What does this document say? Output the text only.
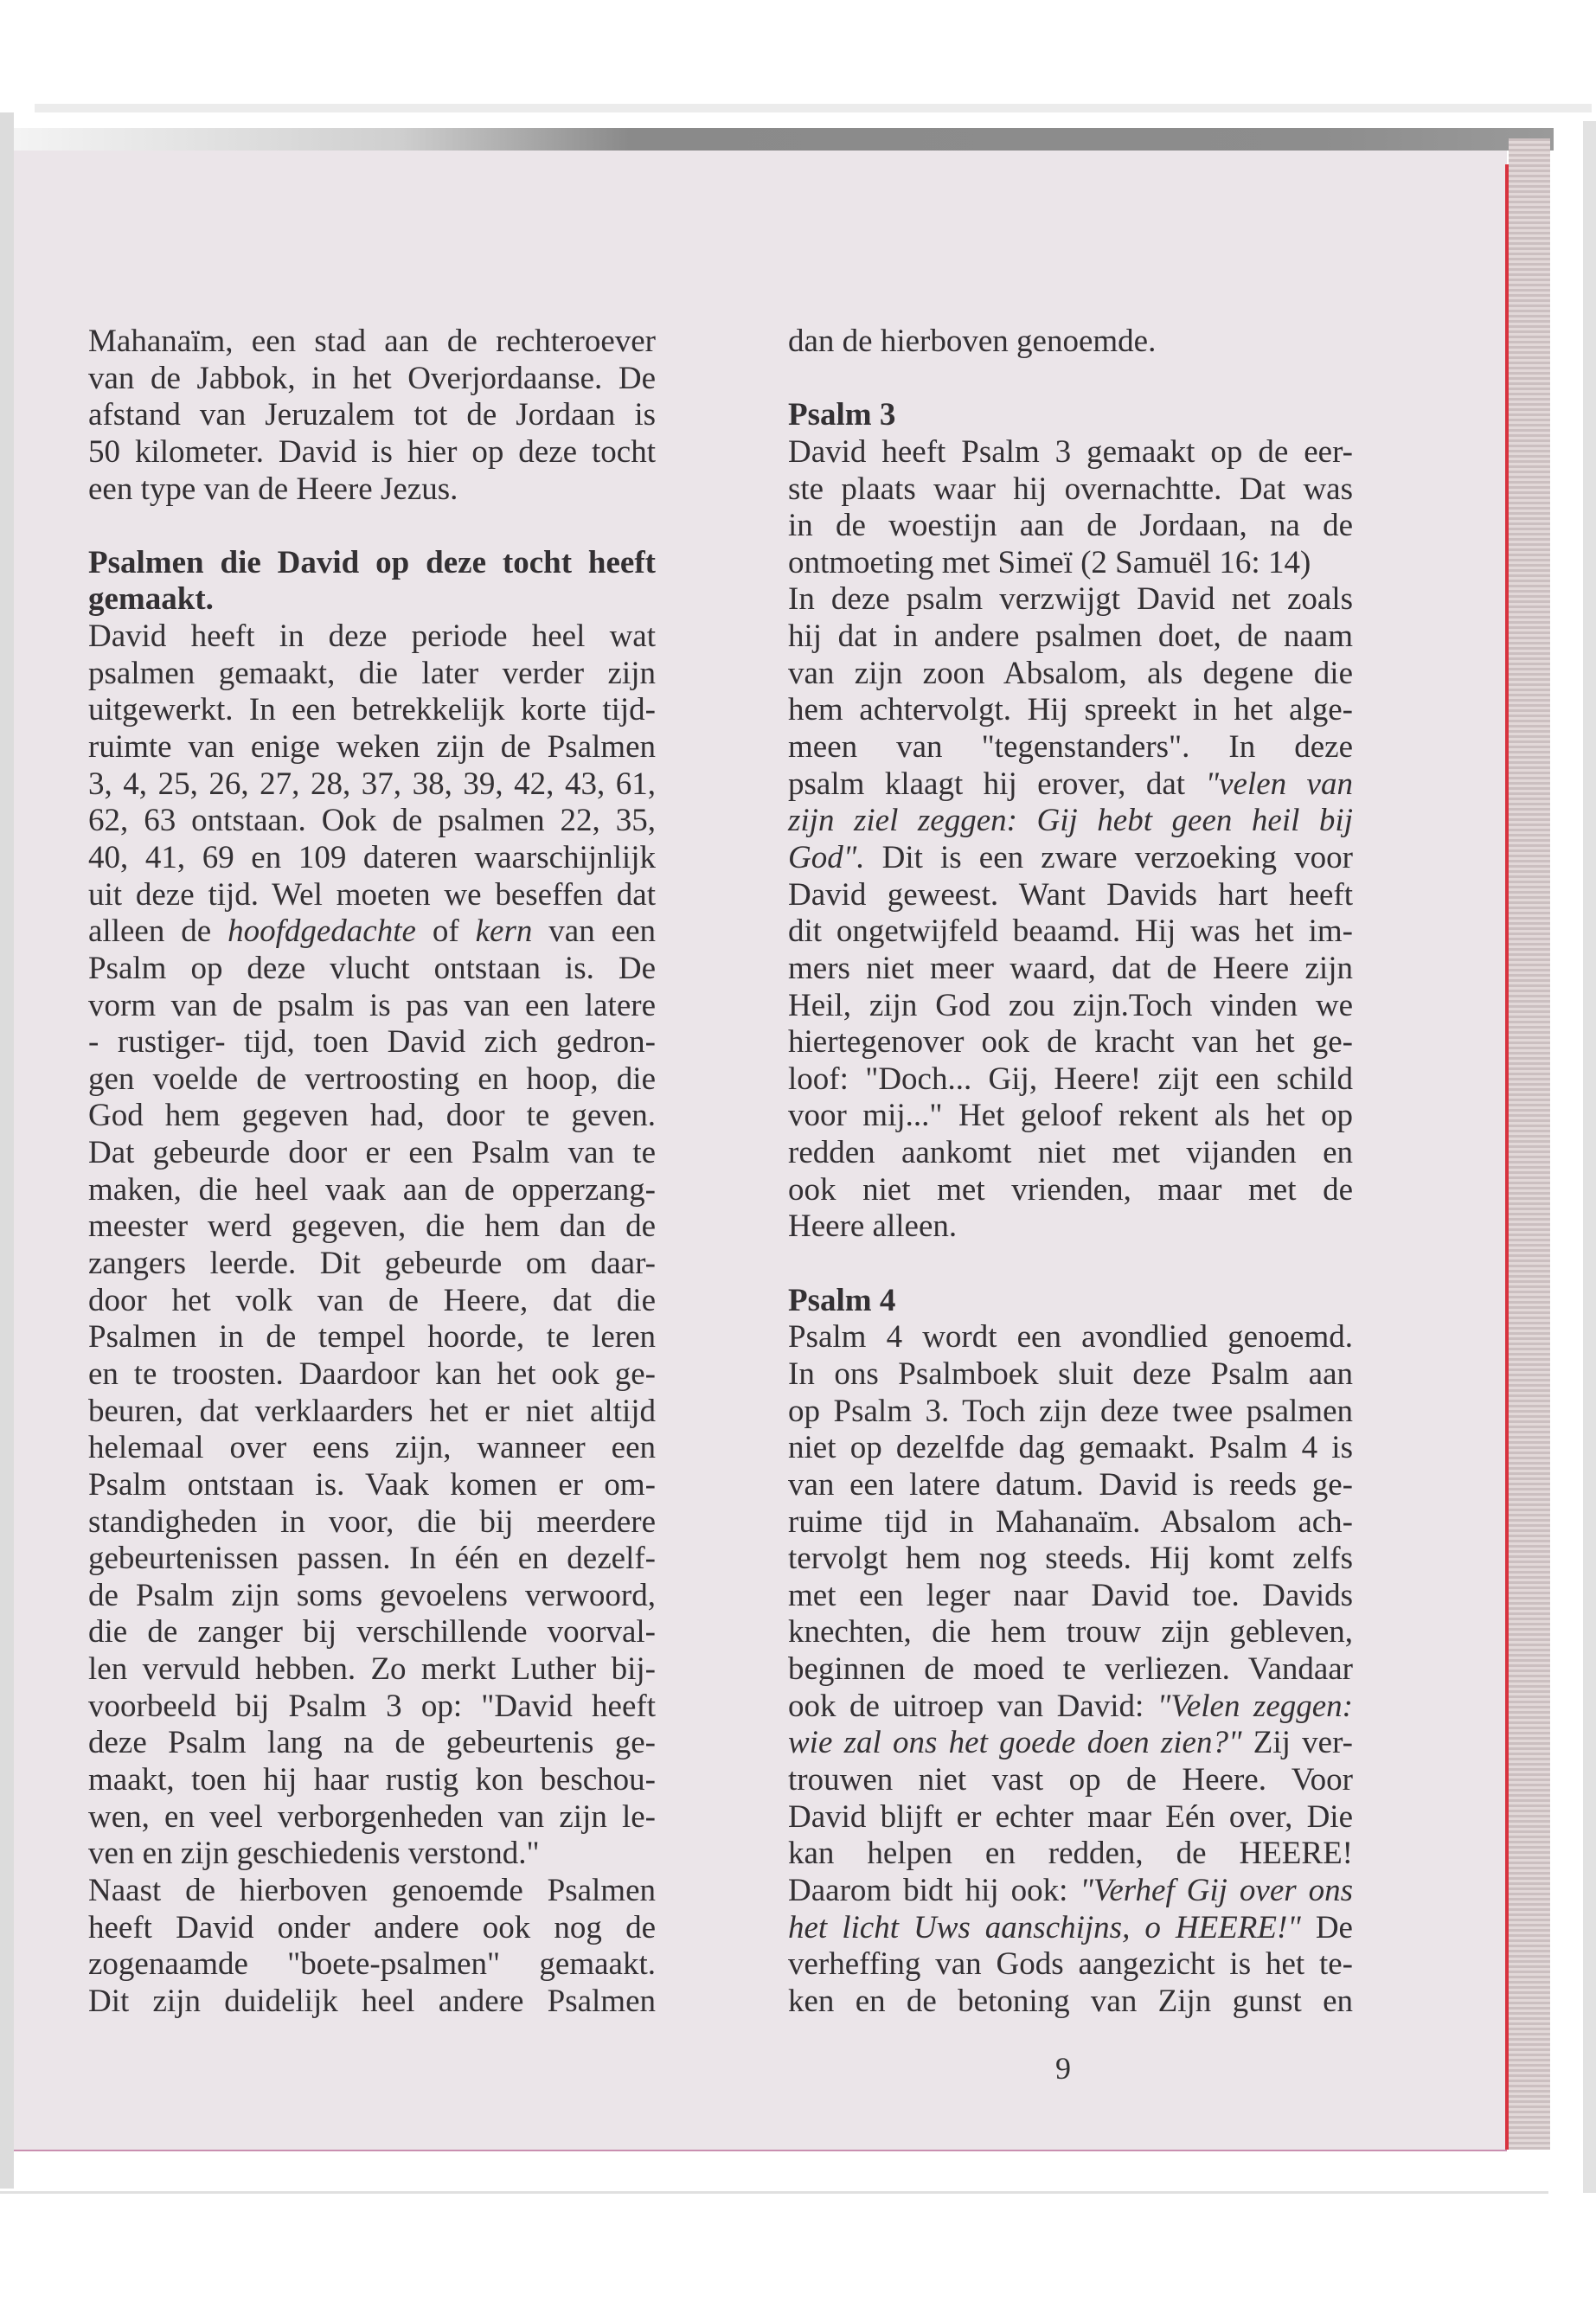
Mahanaïm, een stad aan de rechteroever
van de Jabbok, in het Overjordaanse. De
afstand van Jeruzalem tot de Jordaan is
50 kilometer. David is hier op deze tocht
een type van de Heere Jezus.
Psalmen die David op deze tocht heeft
gemaakt.
David heeft in deze periode heel wat
psalmen gemaakt, die later verder zijn
uitgewerkt. In een betrekkelijk korte tijd-
ruimte van enige weken zijn de Psalmen
3, 4, 25, 26, 27, 28, 37, 38, 39, 42, 43, 61,
62, 63 ontstaan. Ook de psalmen 22, 35,
40, 41, 69 en 109 dateren waarschijnlijk
uit deze tijd. Wel moeten we beseffen dat
alleen de hoofdgedachte of kern van een
Psalm op deze vlucht ontstaan is. De
vorm van de psalm is pas van een latere
- rustiger- tijd, toen David zich gedron-
gen voelde de vertroosting en hoop, die
God hem gegeven had, door te geven.
Dat gebeurde door er een Psalm van te
maken, die heel vaak aan de opperzang-
meester werd gegeven, die hem dan de
zangers leerde. Dit gebeurde om daar-
door het volk van de Heere, dat die
Psalmen in de tempel hoorde, te leren
en te troosten. Daardoor kan het ook ge-
beuren, dat verklaarders het er niet altijd
helemaal over eens zijn, wanneer een
Psalm ontstaan is. Vaak komen er om-
standigheden in voor, die bij meerdere
gebeurtenissen passen. In één en dezelf-
de Psalm zijn soms gevoelens verwoord,
die de zanger bij verschillende voorval-
len vervuld hebben. Zo merkt Luther bij-
voorbeeld bij Psalm 3 op: "David heeft
deze Psalm lang na de gebeurtenis ge-
maakt, toen hij haar rustig kon beschou-
wen, en veel verborgenheden van zijn le-
ven en zijn geschiedenis verstond."
Naast de hierboven genoemde Psalmen
heeft David onder andere ook nog de
zogenaamde "boete-psalmen" gemaakt.
Dit zijn duidelijk heel andere Psalmen
dan de hierboven genoemde.
Psalm 3
David heeft Psalm 3 gemaakt op de eer-
ste plaats waar hij overnachtte. Dat was
in de woestijn aan de Jordaan, na de
ontmoeting met Simeï (2 Samuël 16: 14)
In deze psalm verzwijgt David net zoals
hij dat in andere psalmen doet, de naam
van zijn zoon Absalom, als degene die
hem achtervolgt. Hij spreekt in het alge-
meen van "tegenstanders". In deze
psalm klaagt hij erover, dat "velen van
zijn ziel zeggen: Gij hebt geen heil bij
God". Dit is een zware verzoeking voor
David geweest. Want Davids hart heeft
dit ongetwijfeld beaamd. Hij was het im-
mers niet meer waard, dat de Heere zijn
Heil, zijn God zou zijn.Toch vinden we
hiertegenover ook de kracht van het ge-
loof: "Doch... Gij, Heere! zijt een schild
voor mij..." Het geloof rekent als het op
redden aankomt niet met vijanden en
ook niet met vrienden, maar met de
Heere alleen.
Psalm 4
Psalm 4 wordt een avondlied genoemd.
In ons Psalmboek sluit deze Psalm aan
op Psalm 3. Toch zijn deze twee psalmen
niet op dezelfde dag gemaakt. Psalm 4 is
van een latere datum. David is reeds ge-
ruime tijd in Mahanaïm. Absalom ach-
tervolgt hem nog steeds. Hij komt zelfs
met een leger naar David toe. Davids
knechten, die hem trouw zijn gebleven,
beginnen de moed te verliezen. Vandaar
ook de uitroep van David: "Velen zeggen:
wie zal ons het goede doen zien?" Zij ver-
trouwen niet vast op de Heere. Voor
David blijft er echter maar Eén over, Die
kan helpen en redden, de HEERE!
Daarom bidt hij ook: "Verhef Gij over ons
het licht Uws aanschijns, o HEERE!" De
verheffing van Gods aangezicht is het te-
ken en de betoning van Zijn gunst en
9
